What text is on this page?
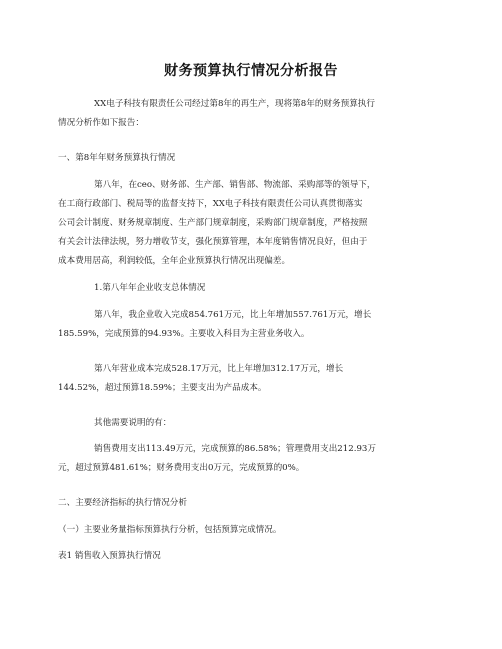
财务预算执行情况分析报告
XX电子科技有限责任公司经过第8年的再生产，现将第8年的财务预算执行
情况分析作如下报告：
一、第8年年财务预算执行情况
第八年，在ceo、财务部、生产部、销售部、物流部、采购部等的领导下，
在工商行政部门、税局等的监督支持下，XX电子科技有限责任公司认真贯彻落实
公司会计制度、财务规章制度、生产部门规章制度，采购部门规章制度，严格按照
有关会计法律法规，努力增收节支，强化预算管理，本年度销售情况良好，但由于
成本费用居高，利润较低，全年企业预算执行情况出现偏差。
1.第八年年企业收支总体情况
第八年，我企业收入完成854.761万元，比上年增加557.761万元，增长
185.59%，完成预算的94.93%。主要收入科目为主营业务收入。
第八年营业成本完成528.17万元，比上年增加312.17万元，增长
144.52%，超过预算18.59%；主要支出为产品成本。
其他需要说明的有：
销售费用支出113.49万元，完成预算的86.58%；管理费用支出212.93万
元，超过预算481.61%；财务费用支出0万元，完成预算的0%。
二、主要经济指标的执行情况分析
（一）主要业务量指标预算执行分析，包括预算完成情况。
表1 销售收入预算执行情况
